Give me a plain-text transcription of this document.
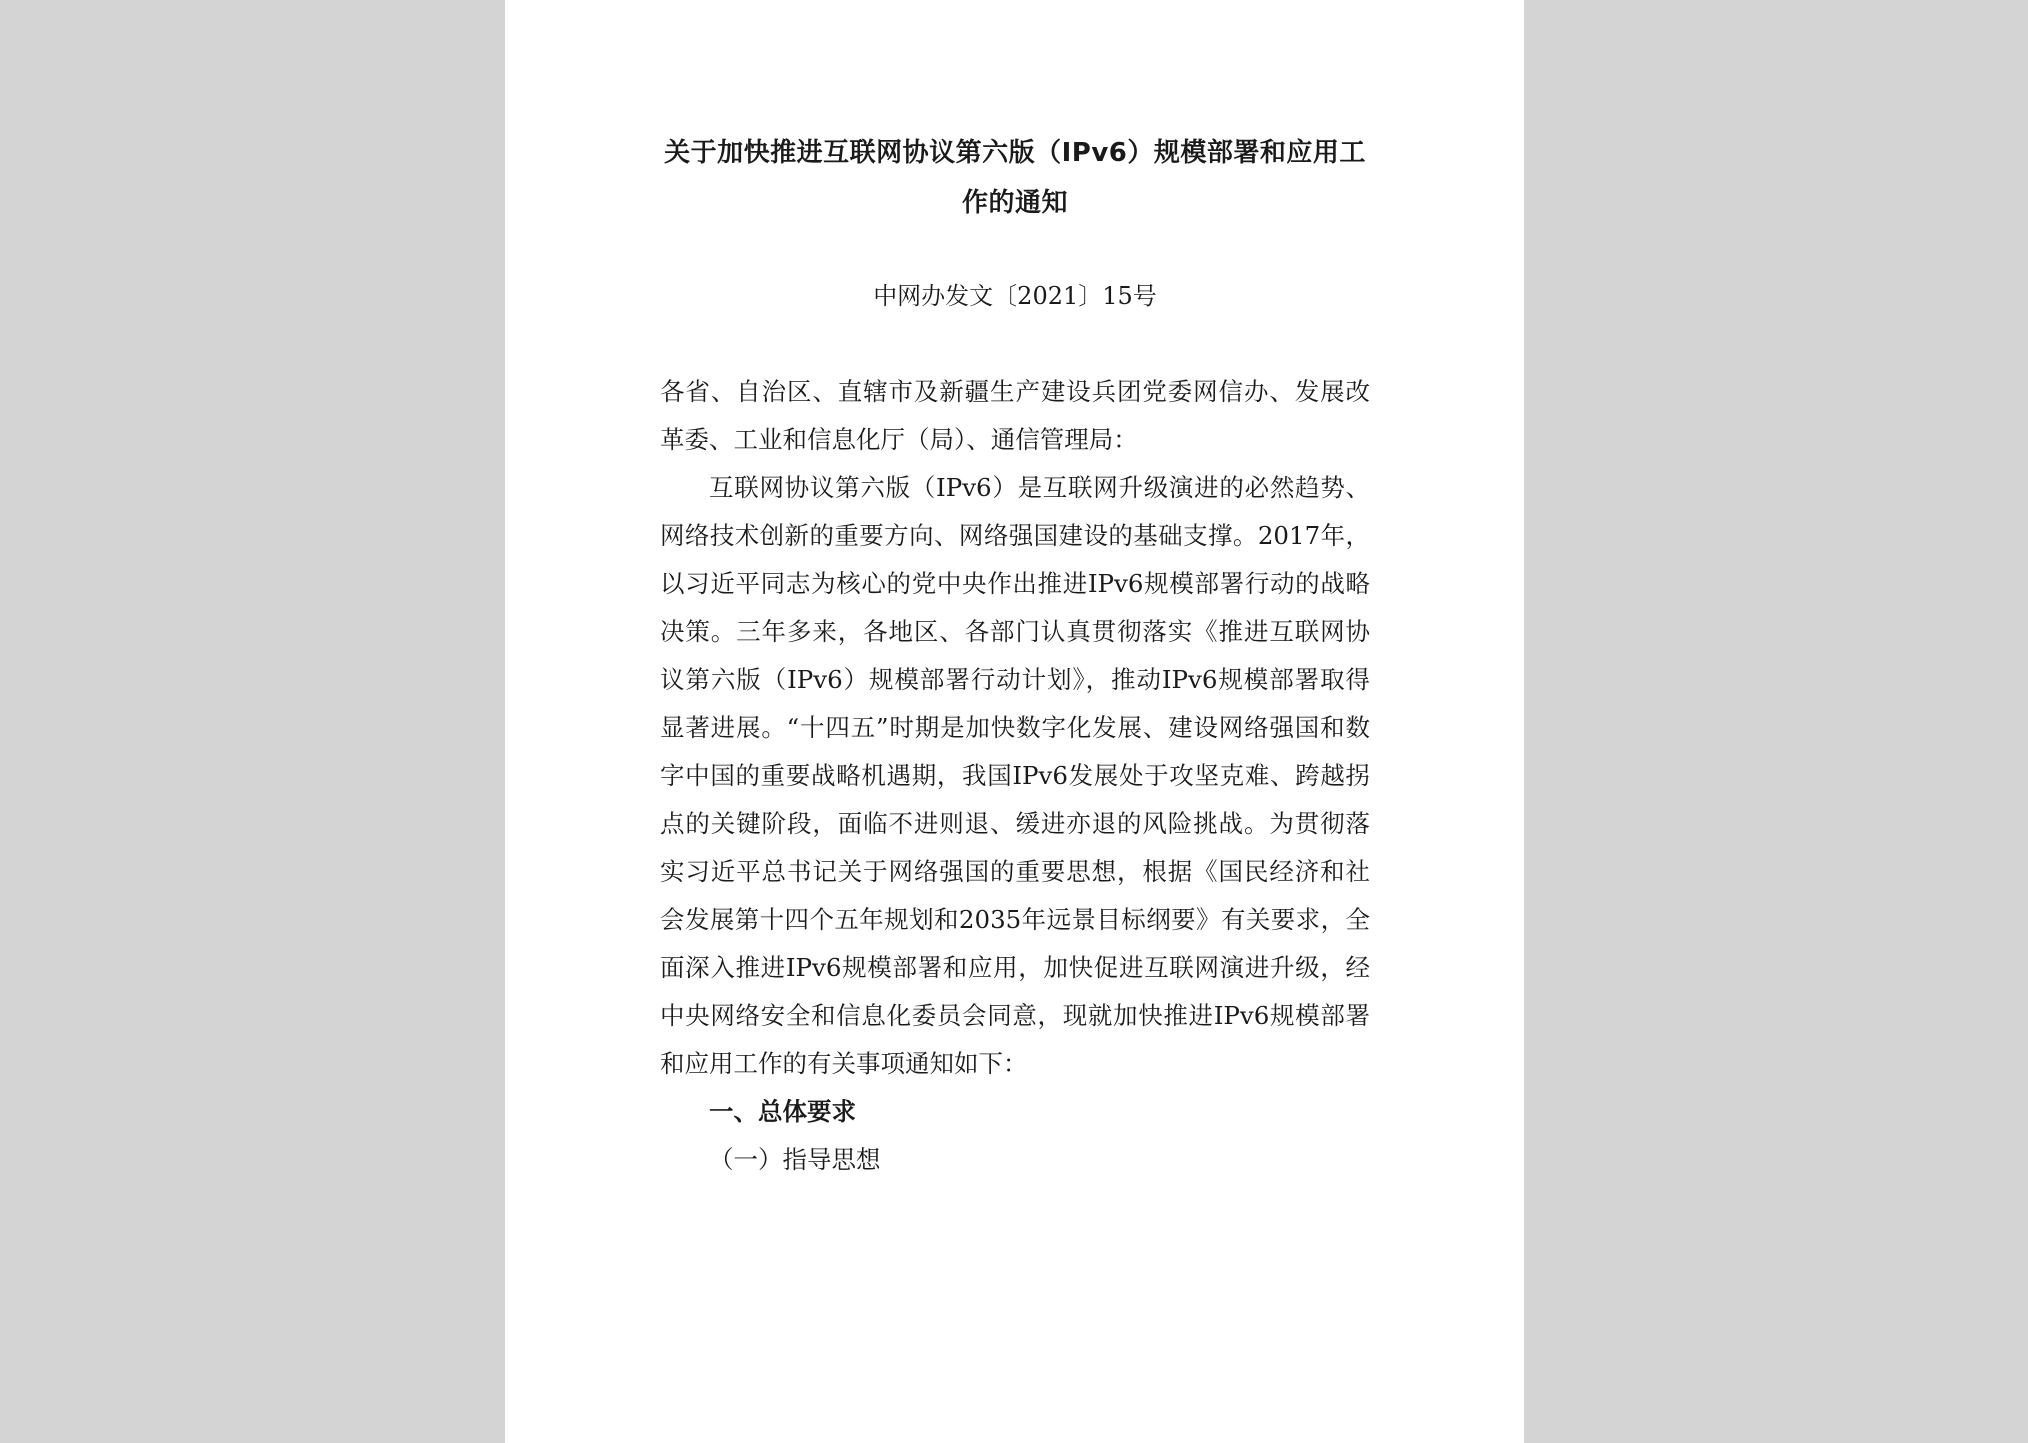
关于加快推进互联网协议第六版（IPv6）规模部署和应用工作的通知

中网办发文〔2021〕15号

各省、自治区、直辖市及新疆生产建设兵团党委网信办、发展改革委、工业和信息化厅（局）、通信管理局：

互联网协议第六版（IPv6）是互联网升级演进的必然趋势、网络技术创新的重要方向、网络强国建设的基础支撑。2017年，以习近平同志为核心的党中央作出推进IPv6规模部署行动的战略决策。三年多来，各地区、各部门认真贯彻落实《推进互联网协议第六版（IPv6）规模部署行动计划》，推动IPv6规模部署取得显著进展。“十四五”时期是加快数字化发展、建设网络强国和数字中国的重要战略机遇期，我国IPv6发展处于攻坚克难、跨越拐点的关键阶段，面临不进则退、缓进亦退的风险挑战。为贯彻落实习近平总书记关于网络强国的重要思想，根据《国民经济和社会发展第十四个五年规划和2035年远景目标纲要》有关要求，全面深入推进IPv6规模部署和应用，加快促进互联网演进升级，经中央网络安全和信息化委员会同意，现就加快推进IPv6规模部署和应用工作的有关事项通知如下：

一、总体要求

（一）指导思想
